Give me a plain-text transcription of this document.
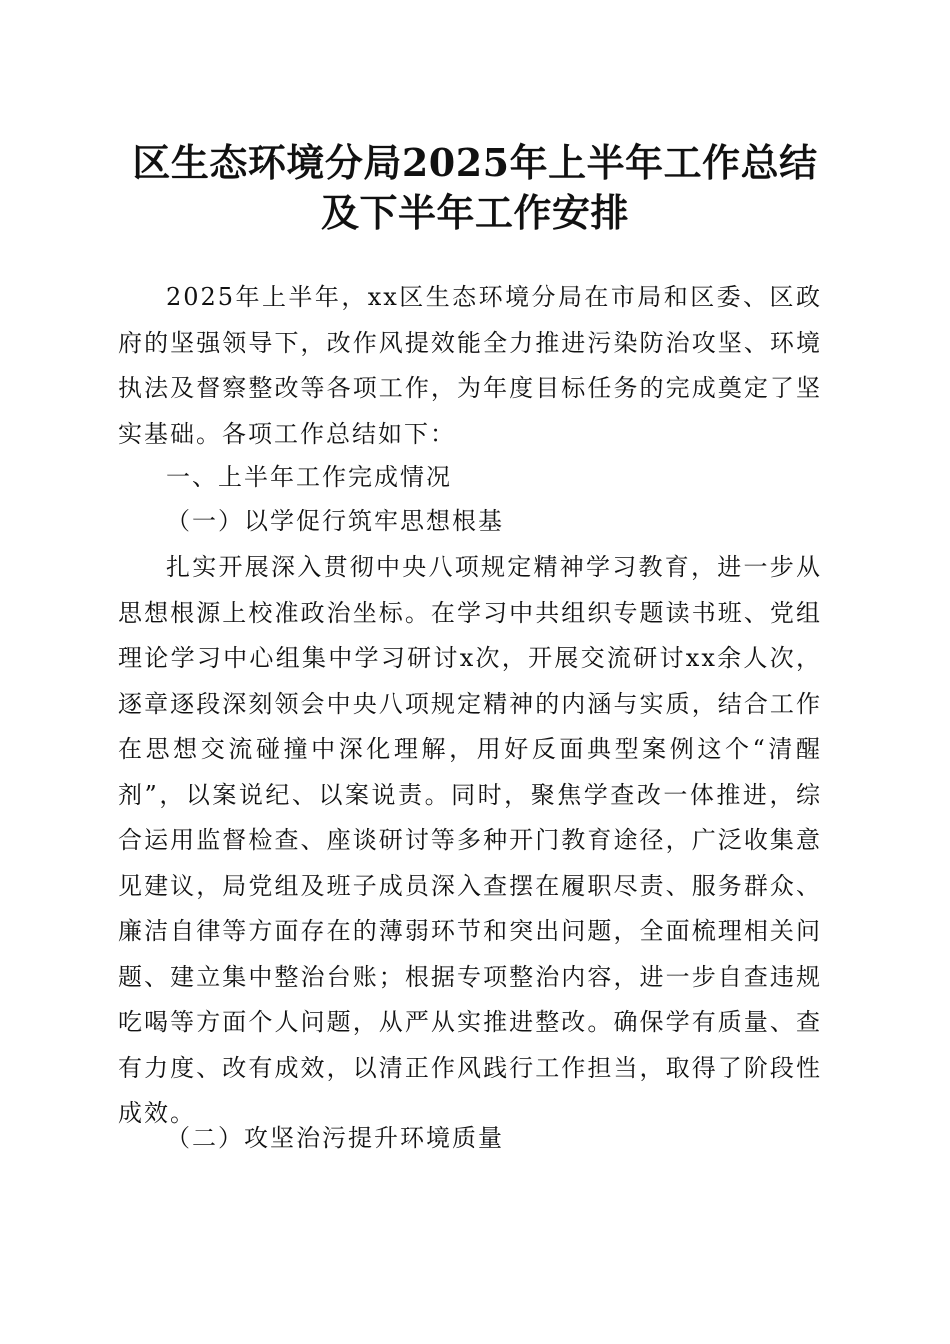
区生态环境分局2025年上半年工作总结及下半年工作安排

2025年上半年，xx区生态环境分局在市局和区委、区政府的坚强领导下，改作风提效能全力推进污染防治攻坚、环境执法及督察整改等各项工作，为年度目标任务的完成奠定了坚实基础。各项工作总结如下：

一、上半年工作完成情况

（一）以学促行筑牢思想根基

扎实开展深入贯彻中央八项规定精神学习教育，进一步从思想根源上校准政治坐标。在学习中共组织专题读书班、党组理论学习中心组集中学习研讨x次，开展交流研讨xx余人次，逐章逐段深刻领会中央八项规定精神的内涵与实质，结合工作在思想交流碰撞中深化理解，用好反面典型案例这个“清醒剂”，以案说纪、以案说责。同时，聚焦学查改一体推进，综合运用监督检查、座谈研讨等多种开门教育途径，广泛收集意见建议，局党组及班子成员深入查摆在履职尽责、服务群众、廉洁自律等方面存在的薄弱环节和突出问题，全面梳理相关问题、建立集中整治台账；根据专项整治内容，进一步自查违规吃喝等方面个人问题，从严从实推进整改。确保学有质量、查有力度、改有成效，以清正作风践行工作担当，取得了阶段性成效。

（二）攻坚治污提升环境质量
